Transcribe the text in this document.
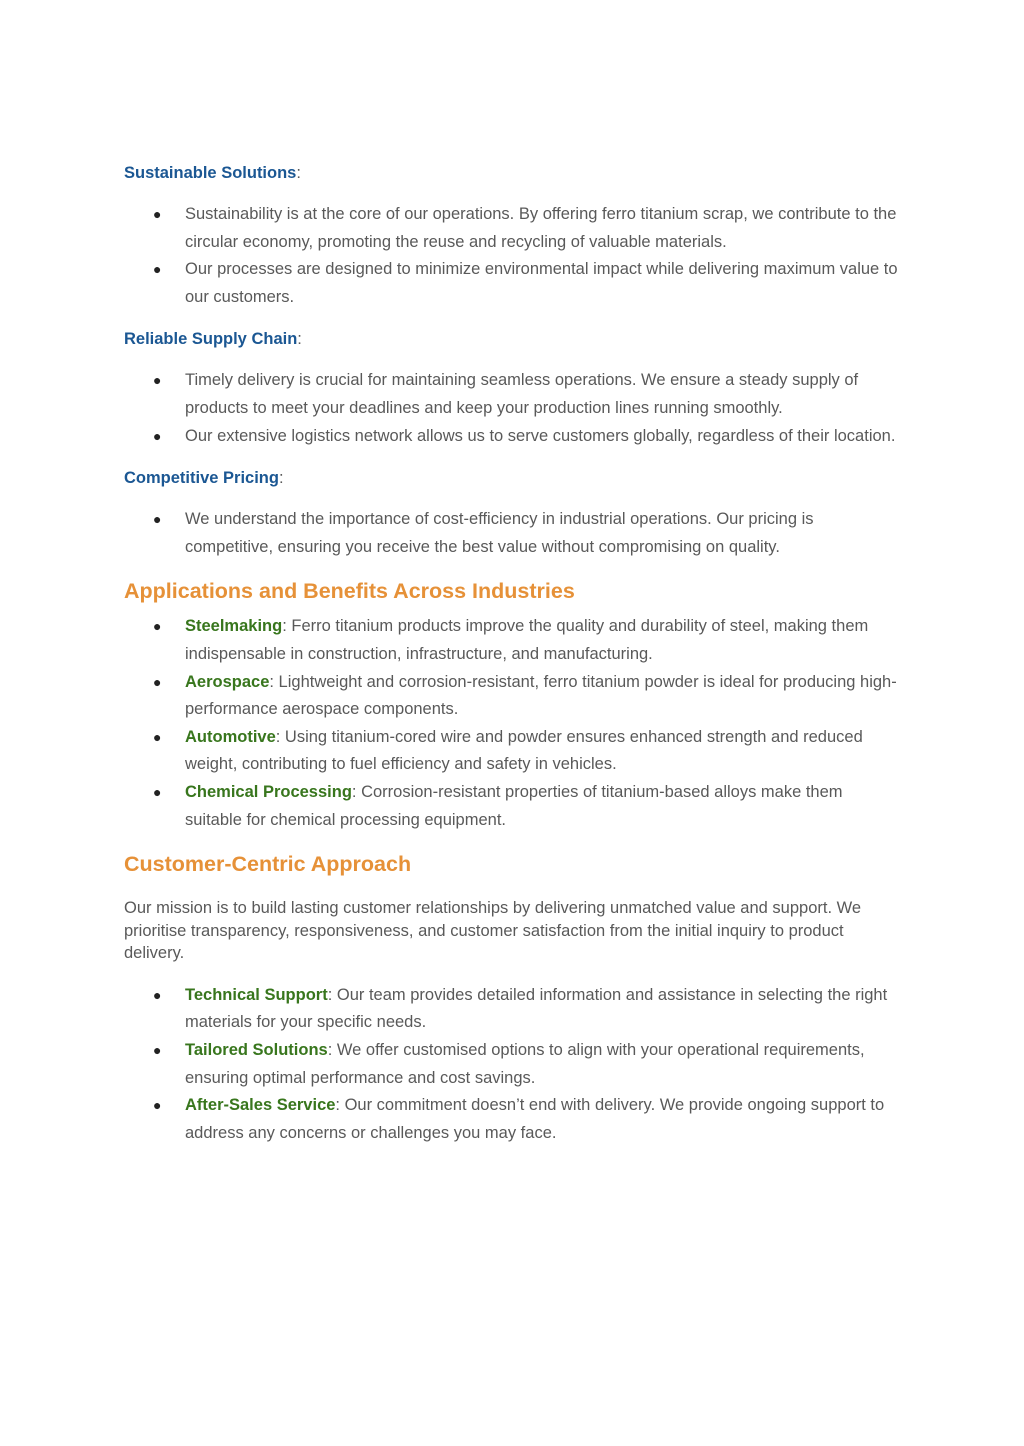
Sustainable Solutions:
● Sustainability is at the core of our operations. By offering ferro titanium scrap, we contribute to the circular economy, promoting the reuse and recycling of valuable materials.
● Our processes are designed to minimize environmental impact while delivering maximum value to our customers.
Reliable Supply Chain:
● Timely delivery is crucial for maintaining seamless operations. We ensure a steady supply of products to meet your deadlines and keep your production lines running smoothly.
● Our extensive logistics network allows us to serve customers globally, regardless of their location.
Competitive Pricing:
● We understand the importance of cost-efficiency in industrial operations. Our pricing is competitive, ensuring you receive the best value without compromising on quality.
Applications and Benefits Across Industries
● Steelmaking: Ferro titanium products improve the quality and durability of steel, making them indispensable in construction, infrastructure, and manufacturing.
● Aerospace: Lightweight and corrosion-resistant, ferro titanium powder is ideal for producing high-performance aerospace components.
● Automotive: Using titanium-cored wire and powder ensures enhanced strength and reduced weight, contributing to fuel efficiency and safety in vehicles.
● Chemical Processing: Corrosion-resistant properties of titanium-based alloys make them suitable for chemical processing equipment.
Customer-Centric Approach

Our mission is to build lasting customer relationships by delivering unmatched value and support. We prioritise transparency, responsiveness, and customer satisfaction from the initial inquiry to product delivery.

● Technical Support: Our team provides detailed information and assistance in selecting the right materials for your specific needs.
● Tailored Solutions: We offer customised options to align with your operational requirements, ensuring optimal performance and cost savings.
● After-Sales Service: Our commitment doesn’t end with delivery. We provide ongoing support to address any concerns or challenges you may face.
